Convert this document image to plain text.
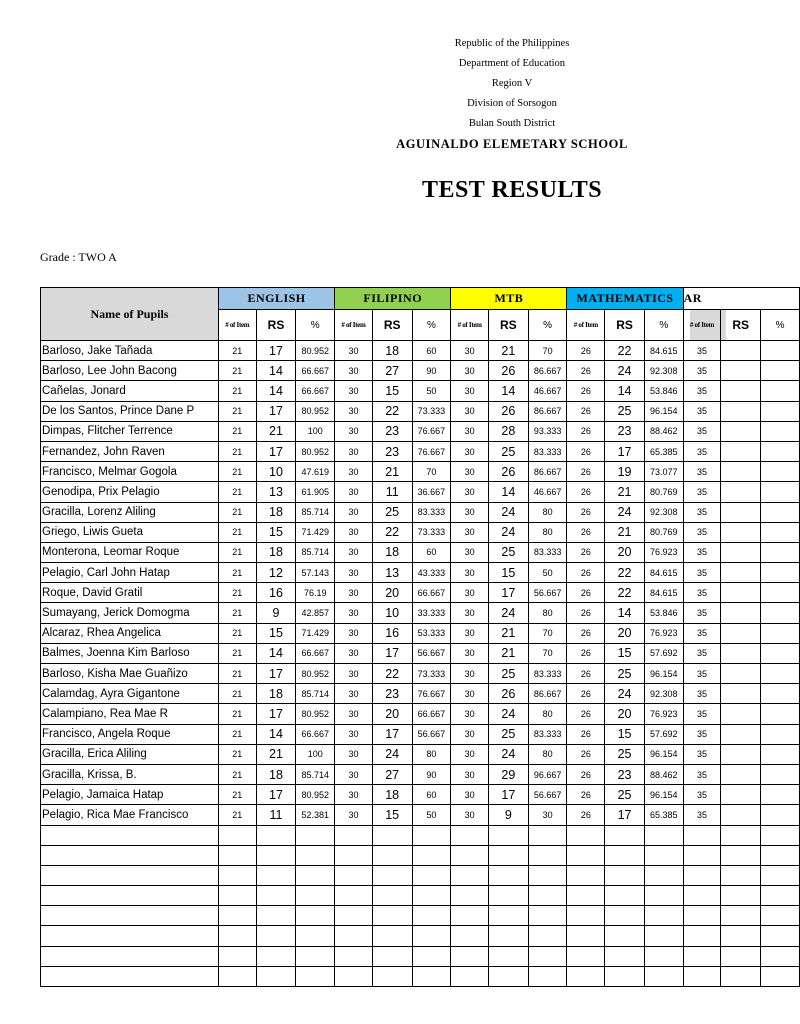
Republic of the Philippines
Department of Education
Region V
Division of Sorsogon
Bulan South District
AGUINALDO ELEMETARY SCHOOL
TEST RESULTS
Grade : TWO A
Name of Pupils	ENGLISH			FILIPINO			MTB			MATHEMATICS			AR		
	# of Item	RS	%	# of Item	RS	%	# of Item	RS	%	# of Item	RS	%	# of Item	RS	%
Barloso, Jake Tañada	21	17	80.952	30	18	60	30	21	70	26	22	84.615	35		
Barloso, Lee John Bacong	21	14	66.667	30	27	90	30	26	86.667	26	24	92.308	35		
Cañelas, Jonard	21	14	66.667	30	15	50	30	14	46.667	26	14	53.846	35		
De los Santos, Prince Dane P	21	17	80.952	30	22	73.333	30	26	86.667	26	25	96.154	35		
Dimpas, Flitcher Terrence	21	21	100	30	23	76.667	30	28	93.333	26	23	88.462	35		
Fernandez, John Raven	21	17	80.952	30	23	76.667	30	25	83.333	26	17	65.385	35		
Francisco, Melmar Gogola	21	10	47.619	30	21	70	30	26	86.667	26	19	73.077	35		
Genodipa, Prix Pelagio	21	13	61.905	30	11	36.667	30	14	46.667	26	21	80.769	35		
Gracilla, Lorenz Aliling	21	18	85.714	30	25	83.333	30	24	80	26	24	92.308	35		
Griego, Liwis Gueta	21	15	71.429	30	22	73.333	30	24	80	26	21	80.769	35		
Monterona, Leomar Roque	21	18	85.714	30	18	60	30	25	83.333	26	20	76.923	35		
Pelagio, Carl John Hatap	21	12	57.143	30	13	43.333	30	15	50	26	22	84.615	35		
Roque, David Gratil	21	16	76.19	30	20	66.667	30	17	56.667	26	22	84.615	35		
Sumayang, Jerick Domogma	21	9	42.857	30	10	33.333	30	24	80	26	14	53.846	35		
Alcaraz, Rhea Angelica	21	15	71.429	30	16	53.333	30	21	70	26	20	76.923	35		
Balmes, Joenna Kim Barloso	21	14	66.667	30	17	56.667	30	21	70	26	15	57.692	35		
Barloso, Kisha Mae Guañizo	21	17	80.952	30	22	73.333	30	25	83.333	26	25	96.154	35		
Calamdag, Ayra Gigantone	21	18	85.714	30	23	76.667	30	26	86.667	26	24	92.308	35		
Calampiano, Rea Mae R	21	17	80.952	30	20	66.667	30	24	80	26	20	76.923	35		
Francisco, Angela Roque	21	14	66.667	30	17	56.667	30	25	83.333	26	15	57.692	35		
Gracilla, Erica Aliling	21	21	100	30	24	80	30	24	80	26	25	96.154	35		
Gracilla, Krissa, B.	21	18	85.714	30	27	90	30	29	96.667	26	23	88.462	35		
Pelagio, Jamaica Hatap	21	17	80.952	30	18	60	30	17	56.667	26	25	96.154	35		
Pelagio, Rica Mae Francisco	21	11	52.381	30	15	50	30	9	30	26	17	65.385	35		
